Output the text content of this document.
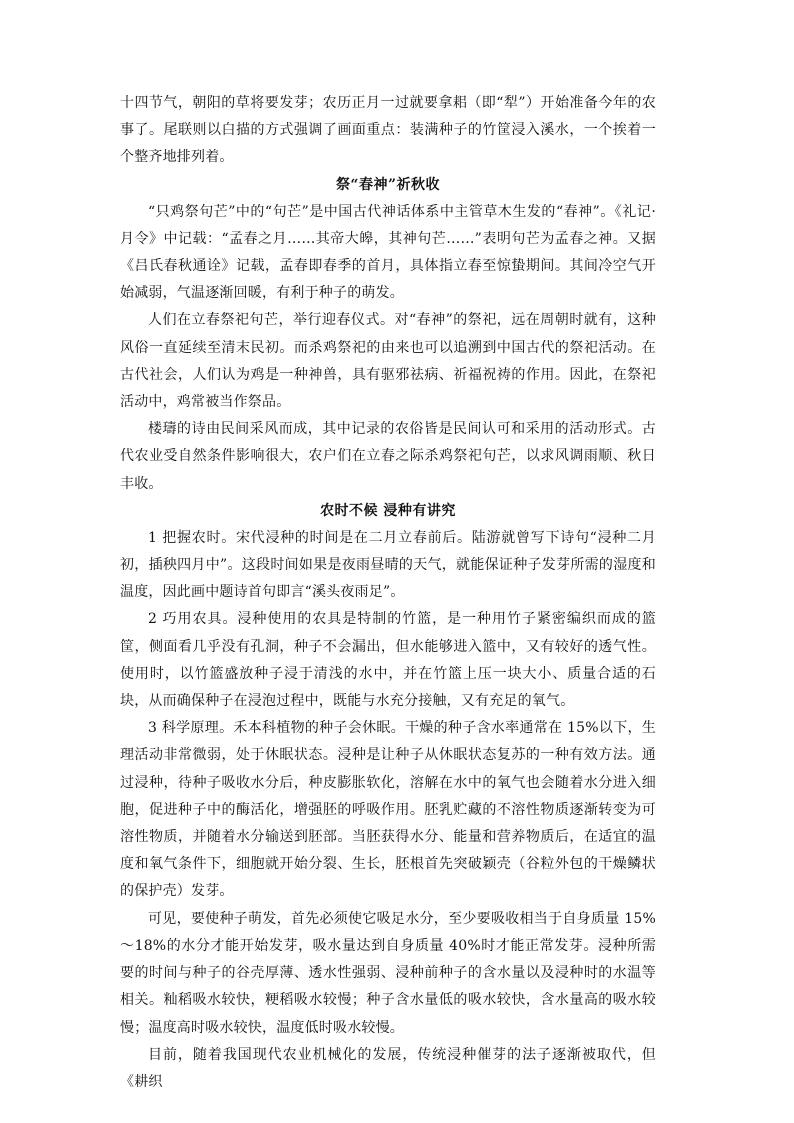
十四节气，朝阳的草将要发芽；农历正月一过就要拿耜（即“犁”）开始准备今年的农事了。尾联则以白描的方式强调了画面重点：装满种子的竹筐浸入溪水，一个挨着一个整齐地排列着。

祭“春神”祈秋收

“只鸡祭句芒”中的“句芒”是中国古代神话体系中主管草木生发的“春神”。《礼记·月令》中记载：“孟春之月……其帝大皞，其神句芒……”表明句芒为孟春之神。又据《吕氏春秋通诠》记载，孟春即春季的首月，具体指立春至惊蛰期间。其间冷空气开始减弱，气温逐渐回暖，有利于种子的萌发。

人们在立春祭祀句芒，举行迎春仪式。对“春神”的祭祀，远在周朝时就有，这种风俗一直延续至清末民初。而杀鸡祭祀的由来也可以追溯到中国古代的祭祀活动。在古代社会，人们认为鸡是一种神兽，具有驱邪祛病、祈福祝祷的作用。因此，在祭祀活动中，鸡常被当作祭品。

楼璹的诗由民间采风而成，其中记录的农俗皆是民间认可和采用的活动形式。古代农业受自然条件影响很大，农户们在立春之际杀鸡祭祀句芒，以求风调雨顺、秋日丰收。

农时不候 浸种有讲究

1 把握农时。宋代浸种的时间是在二月立春前后。陆游就曾写下诗句“浸种二月初，插秧四月中”。这段时间如果是夜雨昼晴的天气，就能保证种子发芽所需的湿度和温度，因此画中题诗首句即言“溪头夜雨足”。

2 巧用农具。浸种使用的农具是特制的竹篮，是一种用竹子紧密编织而成的篮筐，侧面看几乎没有孔洞，种子不会漏出，但水能够进入篮中，又有较好的透气性。使用时，以竹篮盛放种子浸于清浅的水中，并在竹篮上压一块大小、质量合适的石块，从而确保种子在浸泡过程中，既能与水充分接触，又有充足的氧气。

3 科学原理。禾本科植物的种子会休眠。干燥的种子含水率通常在 15%以下，生理活动非常微弱，处于休眠状态。浸种是让种子从休眠状态复苏的一种有效方法。通过浸种，待种子吸收水分后，种皮膨胀软化，溶解在水中的氧气也会随着水分进入细胞，促进种子中的酶活化，增强胚的呼吸作用。胚乳贮藏的不溶性物质逐渐转变为可溶性物质，并随着水分输送到胚部。当胚获得水分、能量和营养物质后，在适宜的温度和氧气条件下，细胞就开始分裂、生长，胚根首先突破颖壳（谷粒外包的干燥鳞状的保护壳）发芽。

可见，要使种子萌发，首先必须使它吸足水分，至少要吸收相当于自身质量 15%～18%的水分才能开始发芽，吸水量达到自身质量 40%时才能正常发芽。浸种所需要的时间与种子的谷壳厚薄、透水性强弱、浸种前种子的含水量以及浸种时的水温等相关。籼稻吸水较快，粳稻吸水较慢；种子含水量低的吸水较快，含水量高的吸水较慢；温度高时吸水较快，温度低时吸水较慢。

目前，随着我国现代农业机械化的发展，传统浸种催芽的法子逐渐被取代，但《耕织
